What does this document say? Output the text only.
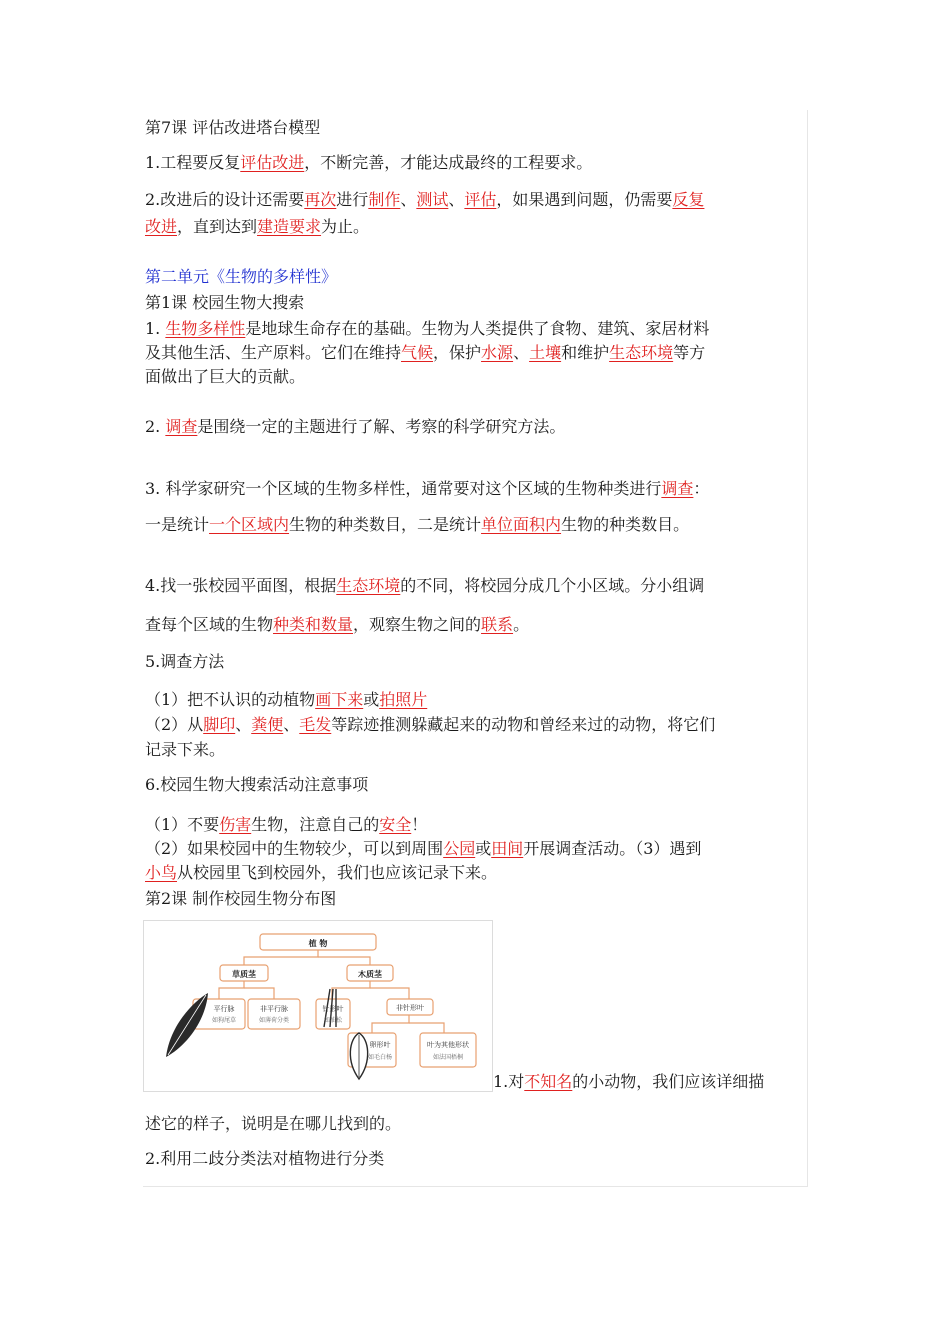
第7课 评估改进塔台模型
1.工程要反复评估改进，不断完善，才能达成最终的工程要求。
2.改进后的设计还需要再次进行制作、测试、评估，如果遇到问题，仍需要反复
改进，直到达到建造要求为止。
第二单元《生物的多样性》
第1课 校园生物大搜索
1. 生物多样性是地球生命存在的基础。生物为人类提供了食物、建筑、家居材料
及其他生活、生产原料。它们在维持气候，保护水源、土壤和维护生态环境等方
面做出了巨大的贡献。
2. 调查是围绕一定的主题进行了解、考察的科学研究方法。
3. 科学家研究一个区域的生物多样性，通常要对这个区域的生物种类进行调查：
一是统计一个区域内生物的种类数目，二是统计单位面积内生物的种类数目。
4.找一张校园平面图，根据生态环境的不同，将校园分成几个小区域。分小组调
查每个区域的生物种类和数量，观察生物之间的联系。
5.调查方法
（1）把不认识的动植物画下来或拍照片
（2）从脚印、粪便、毛发等踪迹推测躲藏起来的动物和曾经来过的动物，将它们
记录下来。
6.校园生物大搜索活动注意事项
（1）不要伤害生物，注意自己的安全！
（2）如果校园中的生物较少，可以到周围公园或田间开展调查活动。（3）遇到
小鸟从校园里飞到校园外，我们也应该记录下来。
第2课 制作校园生物分布图
植 物
草质茎	木质茎
平行脉
如狗尾草
非平行脉
如薄荷分类
针形叶
如油松
非针形叶
卵形叶
如毛白杨
叶为其他形状
如法国梧桐
1.对不知名的小动物，我们应该详细描
述它的样子，说明是在哪儿找到的。
2.利用二歧分类法对植物进行分类
